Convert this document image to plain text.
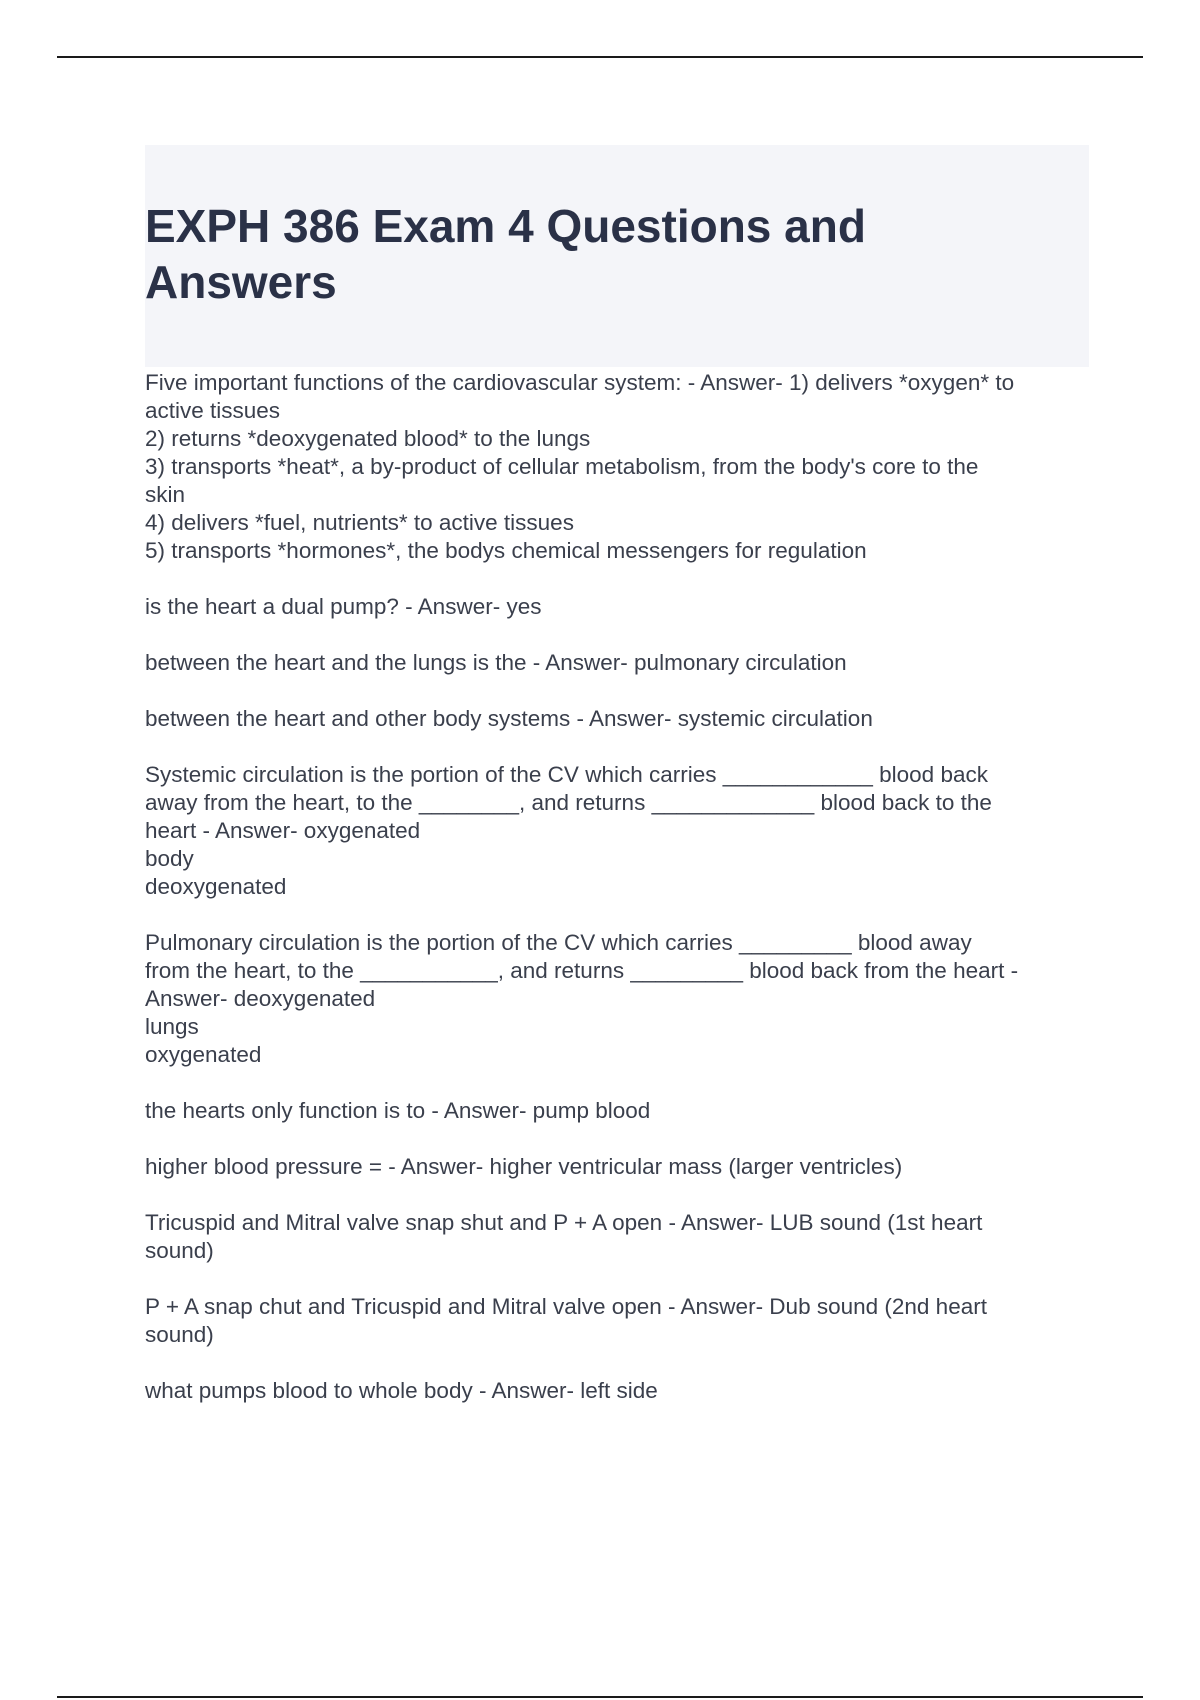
EXPH 386 Exam 4 Questions and
Answers

Five important functions of the cardiovascular system: - Answer- 1) delivers *oxygen* to
active tissues
2) returns *deoxygenated blood* to the lungs
3) transports *heat*, a by-product of cellular metabolism, from the body's core to the
skin
4) delivers *fuel, nutrients* to active tissues
5) transports *hormones*, the bodys chemical messengers for regulation

is the heart a dual pump? - Answer- yes

between the heart and the lungs is the - Answer- pulmonary circulation

between the heart and other body systems - Answer- systemic circulation

Systemic circulation is the portion of the CV which carries ____________ blood back
away from the heart, to the ________, and returns _____________ blood back to the
heart - Answer- oxygenated
body
deoxygenated

Pulmonary circulation is the portion of the CV which carries _________ blood away
from the heart, to the ___________, and returns _________ blood back from the heart -
Answer- deoxygenated
lungs
oxygenated

the hearts only function is to - Answer- pump blood

higher blood pressure = - Answer- higher ventricular mass (larger ventricles)

Tricuspid and Mitral valve snap shut and P + A open - Answer- LUB sound (1st heart
sound)

P + A snap chut and Tricuspid and Mitral valve open - Answer- Dub sound (2nd heart
sound)

what pumps blood to whole body - Answer- left side
